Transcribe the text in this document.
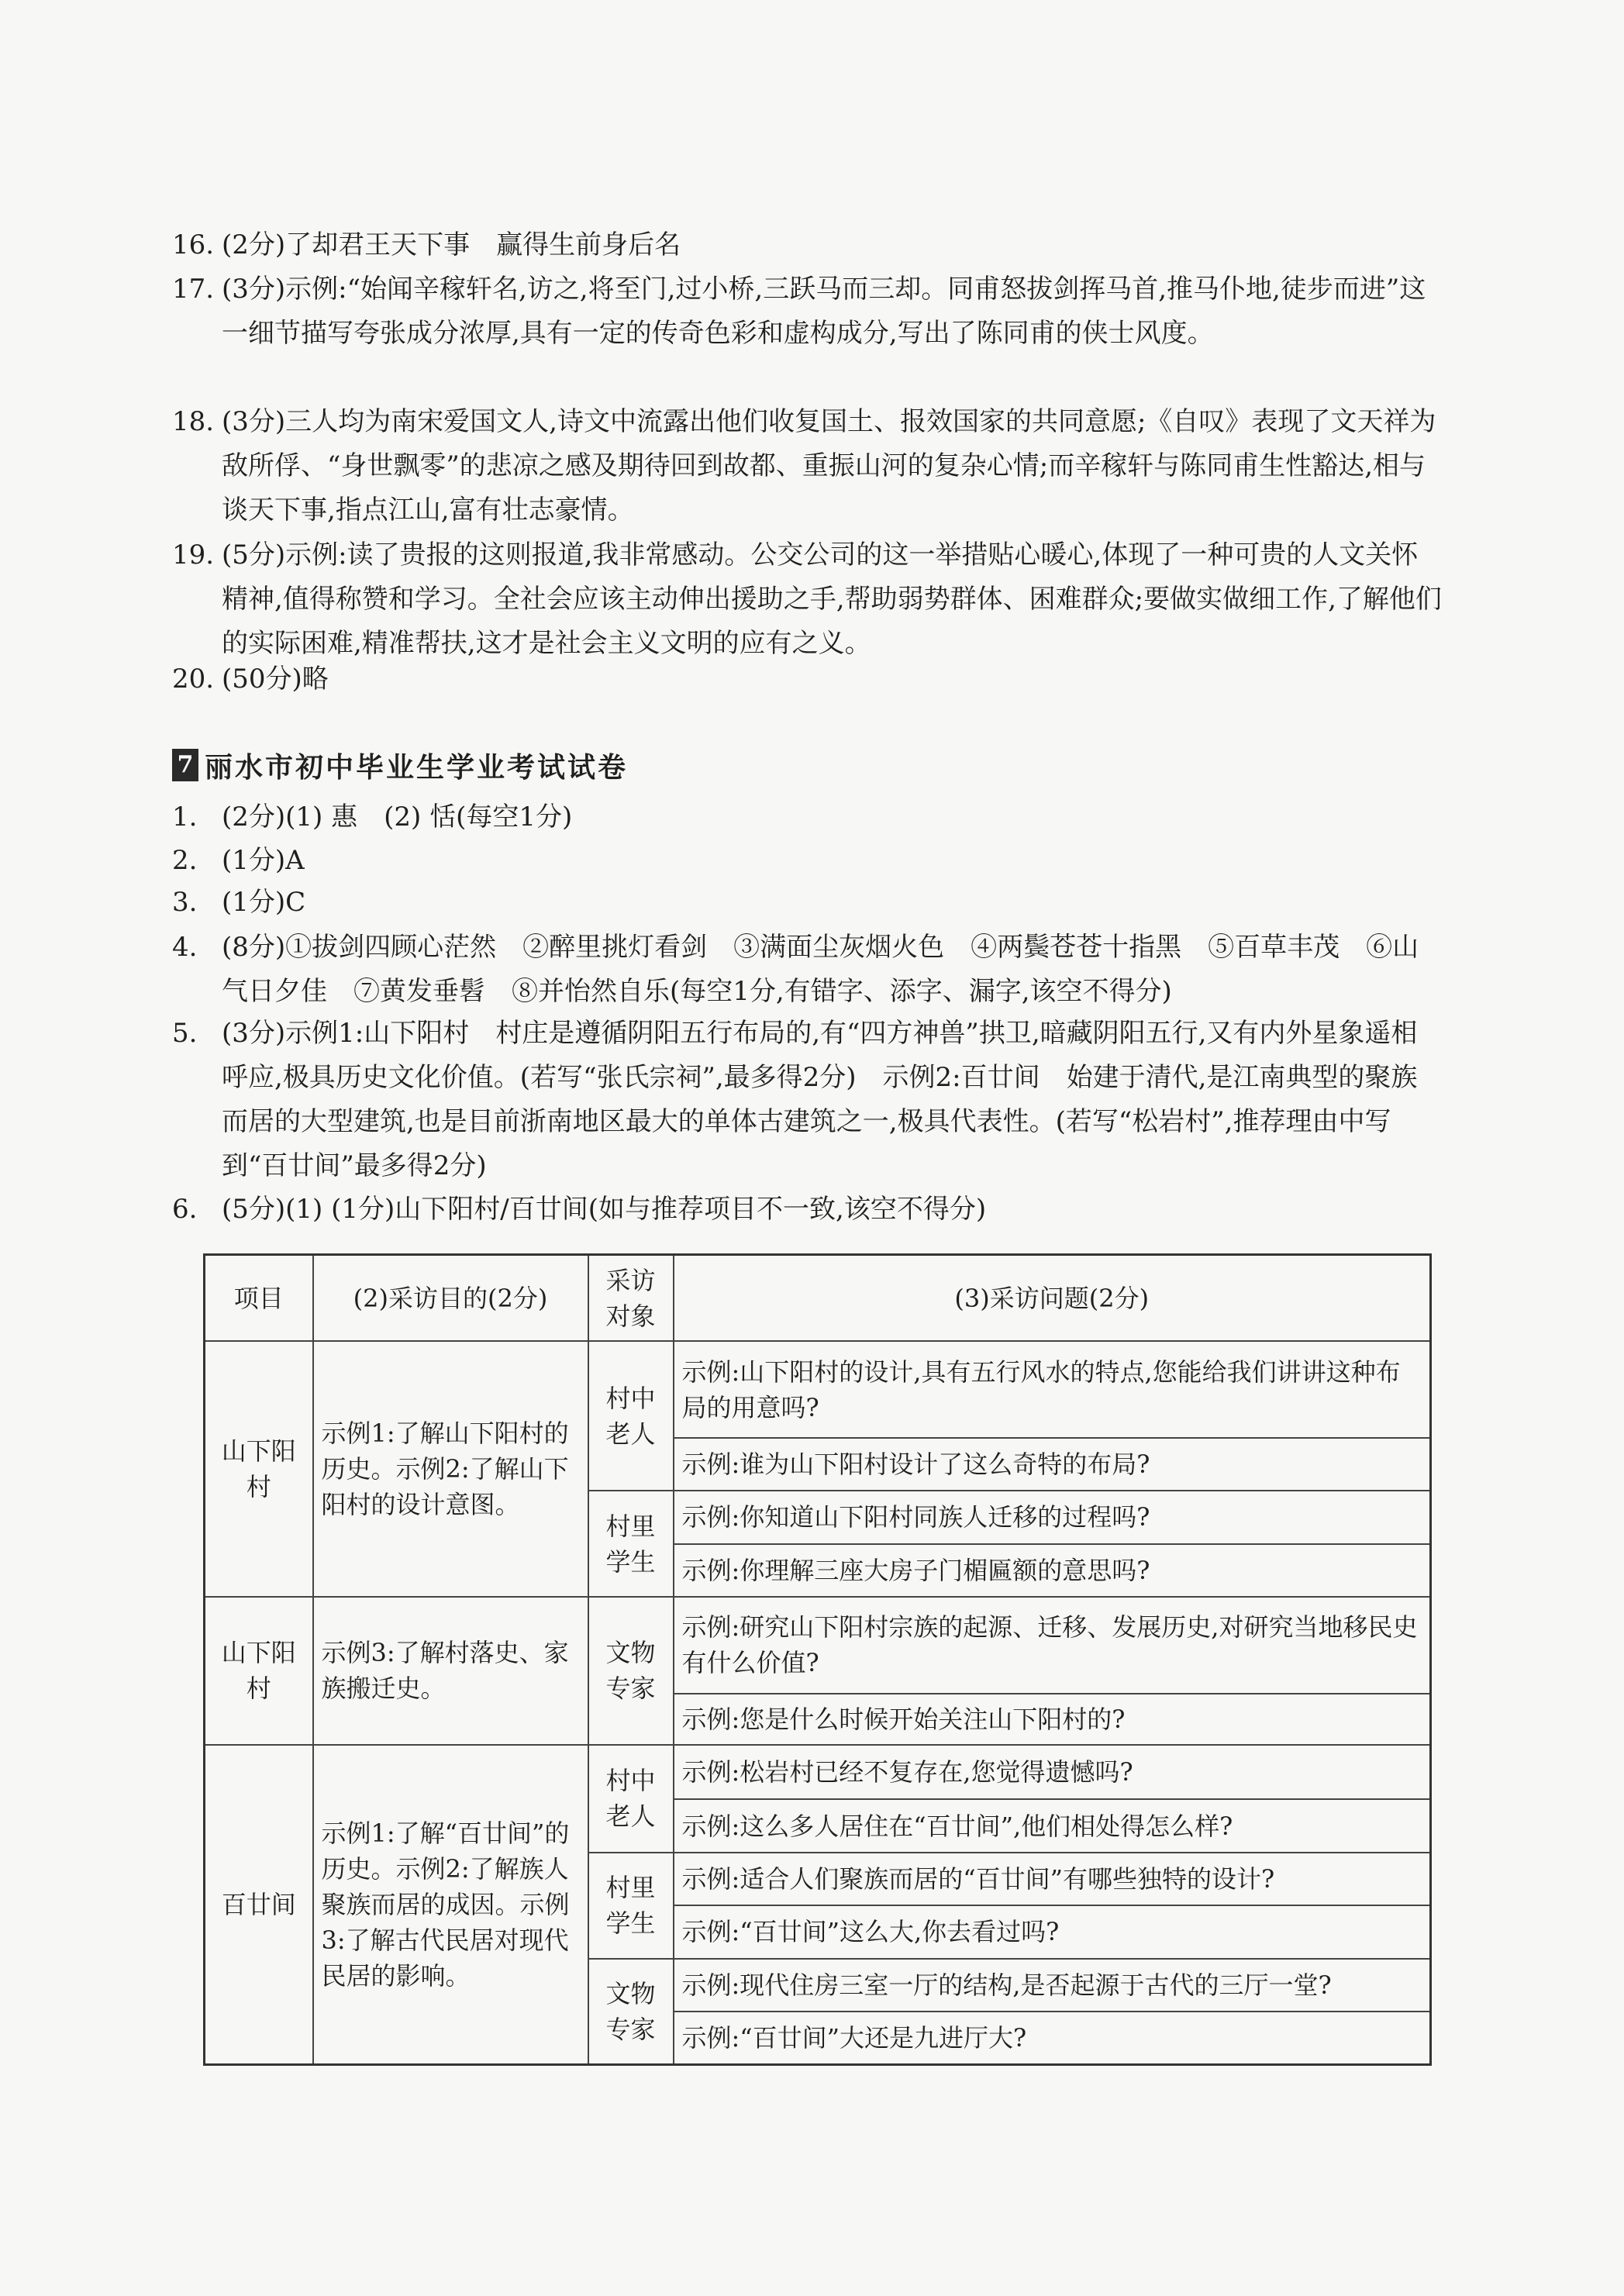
16. (2分)了却君王天下事　赢得生前身后名
17. (3分)示例:“始闻辛稼轩名,访之,将至门,过小桥,三跃马而三却。同甫怒拔剑挥马首,推马仆地,徒步而进”这一细节描写夸张成分浓厚,具有一定的传奇色彩和虚构成分,写出了陈同甫的侠士风度。
18. (3分)三人均为南宋爱国文人,诗文中流露出他们收复国土、报效国家的共同意愿;《自叹》表现了文天祥为敌所俘、“身世飘零”的悲凉之感及期待回到故都、重振山河的复杂心情;而辛稼轩与陈同甫生性豁达,相与谈天下事,指点江山,富有壮志豪情。
19. (5分)示例:读了贵报的这则报道,我非常感动。公交公司的这一举措贴心暖心,体现了一种可贵的人文关怀精神,值得称赞和学习。全社会应该主动伸出援助之手,帮助弱势群体、困难群众;要做实做细工作,了解他们的实际困难,精准帮扶,这才是社会主义文明的应有之义。
20. (50分)略
7 丽水市初中毕业生学业考试试卷
1. (2分)(1) 惠　(2) 恬(每空1分)
2. (1分)A
3. (1分)C
4. (8分)①拔剑四顾心茫然　②醉里挑灯看剑　③满面尘灰烟火色　④两鬓苍苍十指黑　⑤百草丰茂　⑥山气日夕佳　⑦黄发垂髫　⑧并怡然自乐(每空1分,有错字、添字、漏字,该空不得分)
5. (3分)示例1:山下阳村　村庄是遵循阴阳五行布局的,有“四方神兽”拱卫,暗藏阴阳五行,又有内外星象遥相呼应,极具历史文化价值。(若写“张氏宗祠”,最多得2分)　示例2:百廿间　始建于清代,是江南典型的聚族而居的大型建筑,也是目前浙南地区最大的单体古建筑之一,极具代表性。(若写“松岩村”,推荐理由中写到“百廿间”最多得2分)
6. (5分)(1) (1分)山下阳村/百廿间(如与推荐项目不一致,该空不得分)
项目	(2)采访目的(2分)	采访对象	(3)采访问题(2分)
山下阳村	示例1:了解山下阳村的历史。示例2:了解山下阳村的设计意图。	村中老人	示例:山下阳村的设计,具有五行风水的特点,您能给我们讲讲这种布局的用意吗?
			示例:谁为山下阳村设计了这么奇特的布局?
		村里学生	示例:你知道山下阳村同族人迁移的过程吗?
			示例:你理解三座大房子门楣匾额的意思吗?
山下阳村	示例3:了解村落史、家族搬迁史。	文物专家	示例:研究山下阳村宗族的起源、迁移、发展历史,对研究当地移民史有什么价值?
			示例:您是什么时候开始关注山下阳村的?
百廿间	示例1:了解“百廿间”的历史。示例2:了解族人聚族而居的成因。示例3:了解古代民居对现代民居的影响。	村中老人	示例:松岩村已经不复存在,您觉得遗憾吗?
			示例:这么多人居住在“百廿间”,他们相处得怎么样?
		村里学生	示例:适合人们聚族而居的“百廿间”有哪些独特的设计?
			示例:“百廿间”这么大,你去看过吗?
		文物专家	示例:现代住房三室一厅的结构,是否起源于古代的三厅一堂?
			示例:“百廿间”大还是九进厅大?
